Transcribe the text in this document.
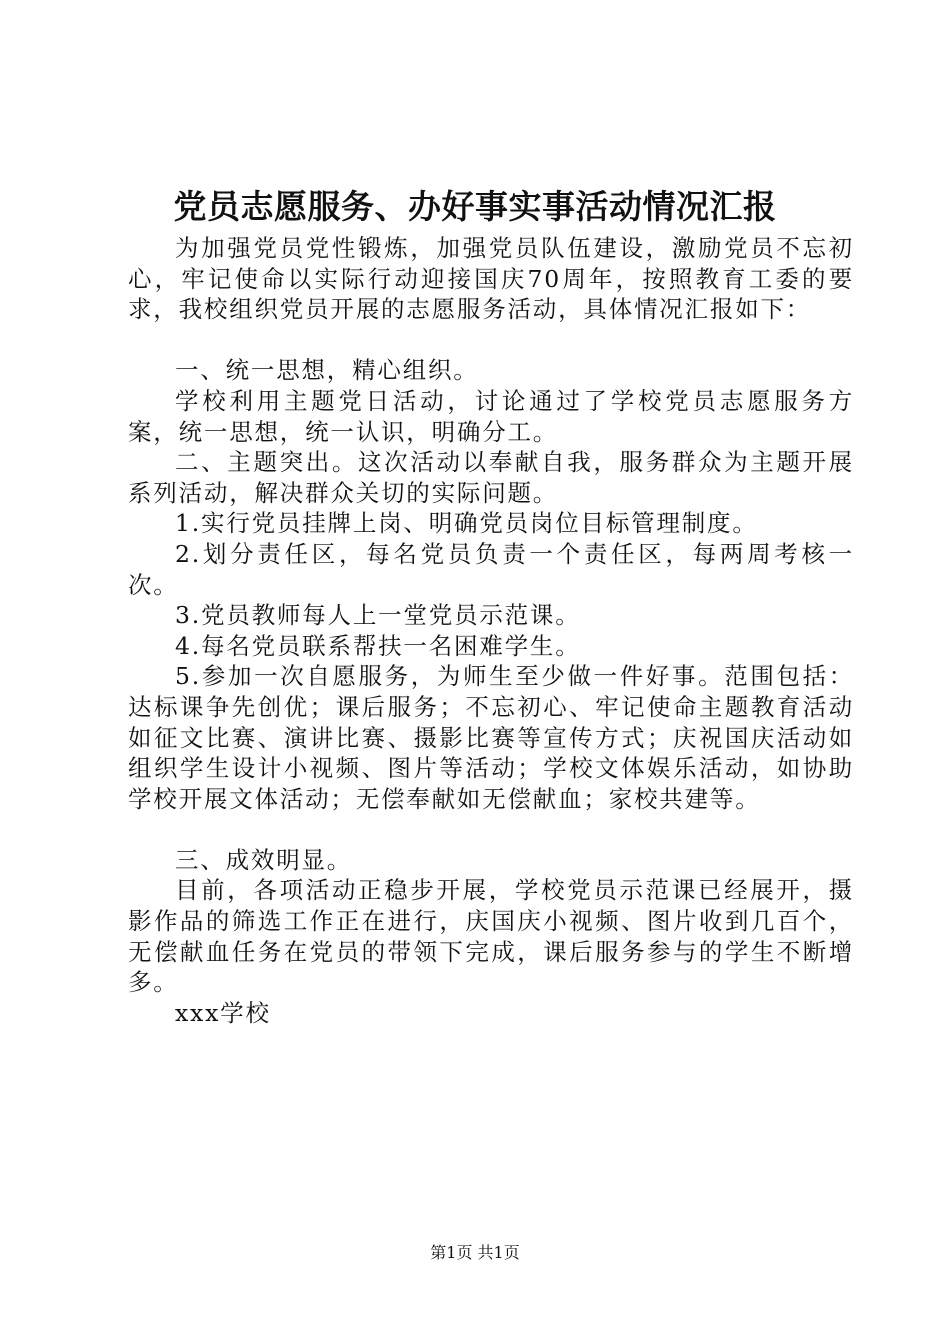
党员志愿服务、办好事实事活动情况汇报

为加强党员党性锻炼，加强党员队伍建设，激励党员不忘初心，牢记使命以实际行动迎接国庆70周年，按照教育工委的要求，我校组织党员开展的志愿服务活动，具体情况汇报如下：

一、统一思想，精心组织。

学校利用主题党日活动，讨论通过了学校党员志愿服务方案，统一思想，统一认识，明确分工。

二、主题突出。这次活动以奉献自我，服务群众为主题开展系列活动，解决群众关切的实际问题。

1.实行党员挂牌上岗、明确党员岗位目标管理制度。

2.划分责任区，每名党员负责一个责任区，每两周考核一次。

3.党员教师每人上一堂党员示范课。

4.每名党员联系帮扶一名困难学生。

5.参加一次自愿服务，为师生至少做一件好事。范围包括：达标课争先创优；课后服务；不忘初心、牢记使命主题教育活动如征文比赛、演讲比赛、摄影比赛等宣传方式；庆祝国庆活动如组织学生设计小视频、图片等活动；学校文体娱乐活动，如协助学校开展文体活动；无偿奉献如无偿献血；家校共建等。

三、成效明显。

目前，各项活动正稳步开展，学校党员示范课已经展开，摄影作品的筛选工作正在进行，庆国庆小视频、图片收到几百个，无偿献血任务在党员的带领下完成，课后服务参与的学生不断增多。

xxx学校

第1页 共1页
